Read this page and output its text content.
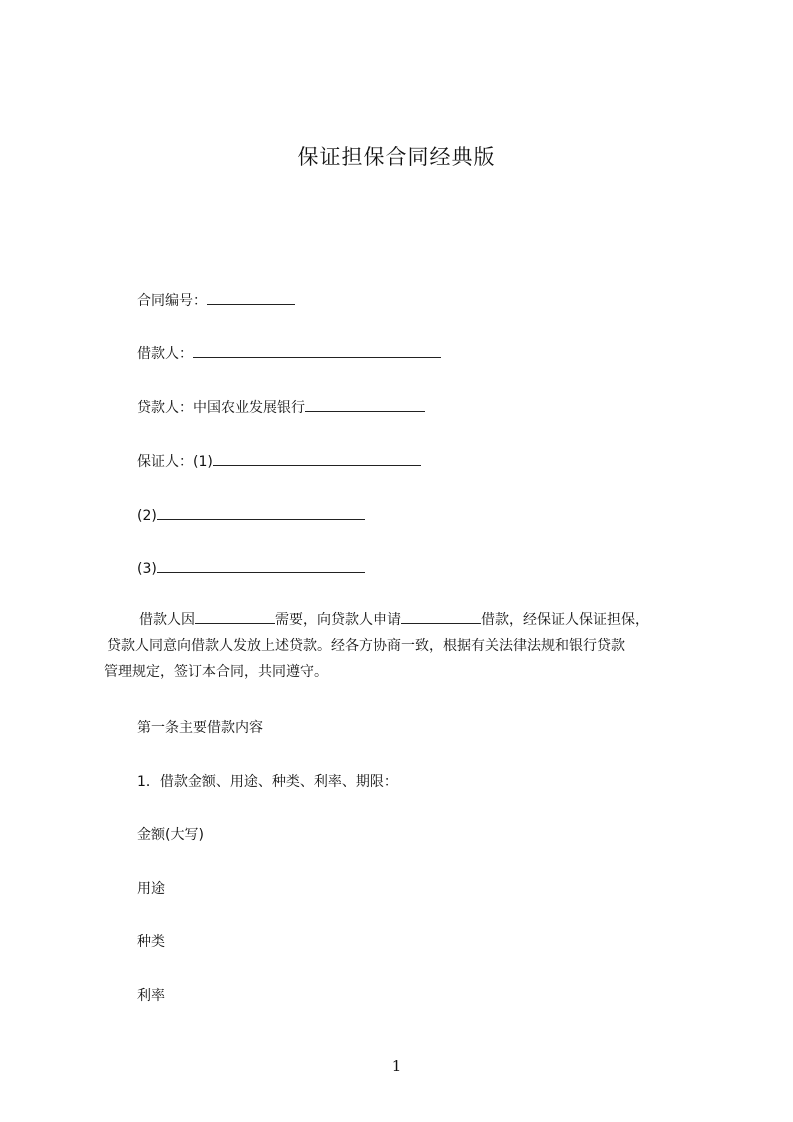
保证担保合同经典版

合同编号：

借款人：

贷款人：中国农业发展银行

保证人：(1)

(2)

(3)

借款人因	需要，向贷款人申请	借款，经保证人保证担保，
贷款人同意向借款人发放上述贷款。经各方协商一致，根据有关法律法规和银行贷款
管理规定，签订本合同，共同遵守。

第一条主要借款内容

1．借款金额、用途、种类、利率、期限：

金额(大写)

用途

种类

利率

1
